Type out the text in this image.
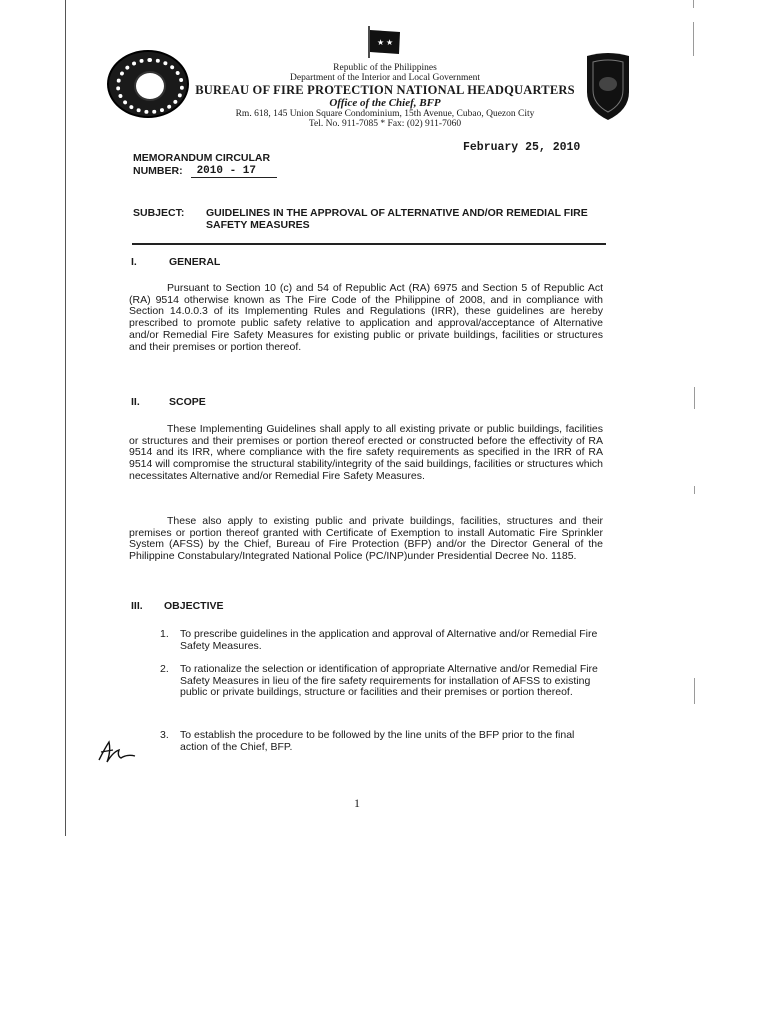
★ ★
Republic of the Philippines
Department of the Interior and Local Government
BUREAU OF FIRE PROTECTION NATIONAL HEADQUARTERS
Office of the Chief, BFP
Rm. 618, 145 Union Square Condominium, 15th Avenue, Cubao, Quezon City
Tel. No. 911-7085 * Fax: (02) 911-7060
February 25, 2010
MEMORANDUM CIRCULAR
NUMBER:	2010 - 17
SUBJECT: GUIDELINES IN THE APPROVAL OF ALTERNATIVE AND/OR REMEDIAL FIRE SAFETY MEASURES
I.	GENERAL
Pursuant to Section 10 (c) and 54 of Republic Act (RA) 6975 and Section 5 of Republic Act (RA) 9514 otherwise known as The Fire Code of the Philippine of 2008, and in compliance with Section 14.0.0.3 of its Implementing Rules and Regulations (IRR), these guidelines are hereby prescribed to promote public safety relative to application and approval/acceptance of Alternative and/or Remedial Fire Safety Measures for existing public or private buildings, facilities or structures and their premises or portion thereof.
II.	SCOPE
These Implementing Guidelines shall apply to all existing private or public buildings, facilities or structures and their premises or portion thereof erected or constructed before the effectivity of RA 9514 and its IRR, where compliance with the fire safety requirements as specified in the IRR of RA 9514 will compromise the structural stability/integrity of the said buildings, facilities or structures which necessitates Alternative and/or Remedial Fire Safety Measures.
These also apply to existing public and private buildings, facilities, structures and their premises or portion thereof granted with Certificate of Exemption to install Automatic Fire Sprinkler System (AFSS) by the Chief, Bureau of Fire Protection (BFP) and/or the Director General of the Philippine Constabulary/Integrated National Police (PC/INP)under Presidential Decree No. 1185.
III. OBJECTIVE
1.	To prescribe guidelines in the application and approval of Alternative and/or Remedial Fire Safety Measures.
2.	To rationalize the selection or identification of appropriate Alternative and/or Remedial Fire Safety Measures in lieu of the fire safety requirements for installation of AFSS to existing public or private buildings, structure or facilities and their premises or portion thereof.
3.	To establish the procedure to be followed by the line units of the BFP prior to the final action of the Chief, BFP.
1
